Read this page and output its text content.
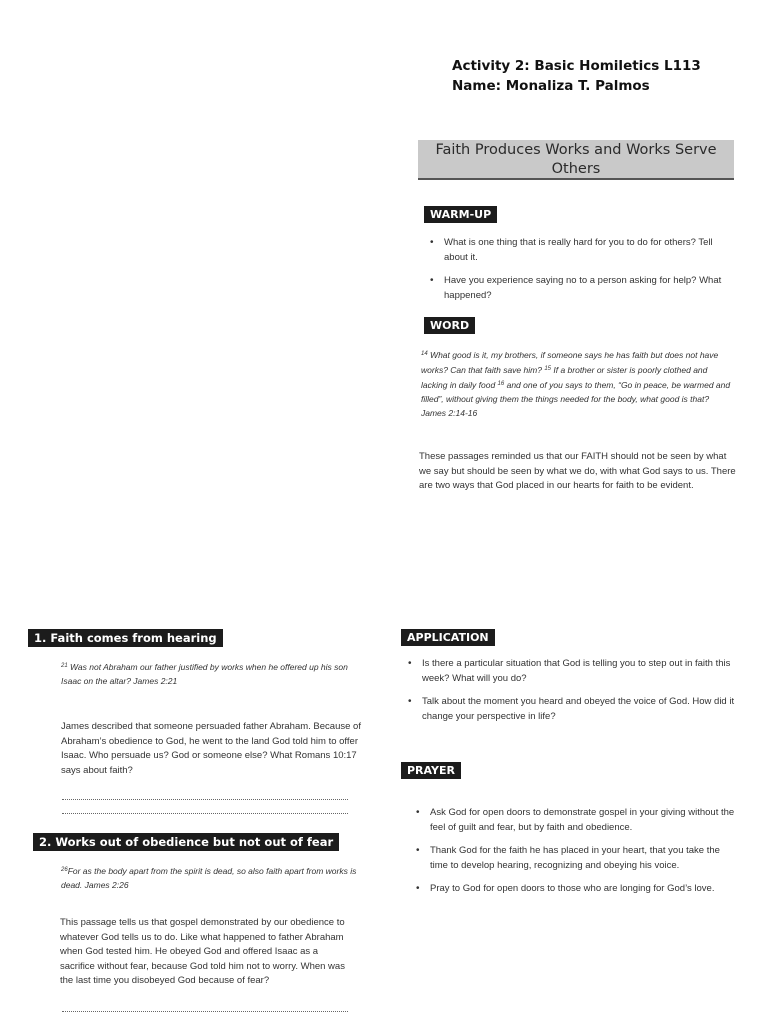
Activity 2: Basic Homiletics L113
Name: Monaliza T. Palmos
Faith Produces Works and Works Serve
Others
WARM-UP
• What is one thing that is really hard for you to do for others? Tell about it.
• Have you experience saying no to a person asking for help? What happened?
WORD
$^{14}$ What good is it, my brothers, if someone says he has faith but does not have works? Can that faith save him? $^{15}$ If a brother or sister is poorly clothed and lacking in daily food $^{16}$ and one of you says to them, “Go in peace, be warmed and filled”, without giving them the things needed for the body, what good is that? James 2:14-16
These passages reminded us that our FAITH should not be seen by what we say but should be seen by what we do, with what God says to us. There are two ways that God placed in our hearts for faith to be evident.
1. Faith comes from hearing
$^{21}$ Was not Abraham our father justified by works when he offered up his son Isaac on the altar? James 2:21
James described that someone persuaded father Abraham. Because of Abraham’s obedience to God, he went to the land God told him to offer Isaac. Who persuade us? God or someone else? What Romans 10:17 says about faith?
2. Works out of obedience but not out of fear
$^{26}$For as the body apart from the spirit is dead, so also faith apart from works is dead. James 2:26
This passage tells us that gospel demonstrated by our obedience to whatever God tells us to do. Like what happened to father Abraham when God tested him. He obeyed God and offered Isaac as a sacrifice without fear, because God told him not to worry. When was the last time you disobeyed God because of fear?
APPLICATION
• Is there a particular situation that God is telling you to step out in faith this week? What will you do?
• Talk about the moment you heard and obeyed the voice of God. How did it change your perspective in life?
PRAYER
• Ask God for open doors to demonstrate gospel in your giving without the feel of guilt and fear, but by faith and obedience.
• Thank God for the faith he has placed in your heart, that you take the time to develop hearing, recognizing and obeying his voice.
• Pray to God for open doors to those who are longing for God’s love.
